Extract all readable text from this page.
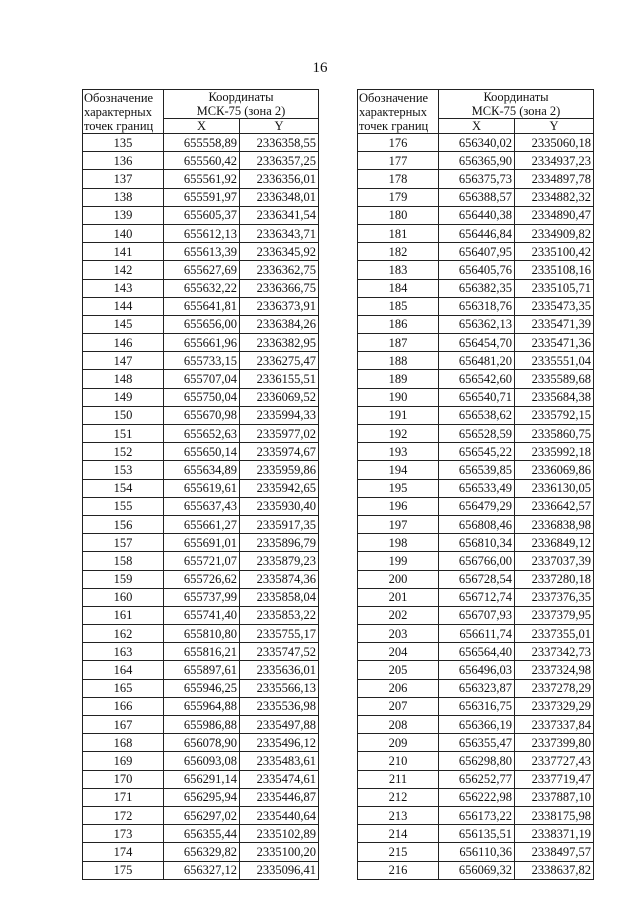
16
Обозначение
характерных
точек границ	Координаты
МСК-75 (зона 2)	
	X	Y
135	655558,89	2336358,55
136	655560,42	2336357,25
137	655561,92	2336356,01
138	655591,97	2336348,01
139	655605,37	2336341,54
140	655612,13	2336343,71
141	655613,39	2336345,92
142	655627,69	2336362,75
143	655632,22	2336366,75
144	655641,81	2336373,91
145	655656,00	2336384,26
146	655661,96	2336382,95
147	655733,15	2336275,47
148	655707,04	2336155,51
149	655750,04	2336069,52
150	655670,98	2335994,33
151	655652,63	2335977,02
152	655650,14	2335974,67
153	655634,89	2335959,86
154	655619,61	2335942,65
155	655637,43	2335930,40
156	655661,27	2335917,35
157	655691,01	2335896,79
158	655721,07	2335879,23
159	655726,62	2335874,36
160	655737,99	2335858,04
161	655741,40	2335853,22
162	655810,80	2335755,17
163	655816,21	2335747,52
164	655897,61	2335636,01
165	655946,25	2335566,13
166	655964,88	2335536,98
167	655986,88	2335497,88
168	656078,90	2335496,12
169	656093,08	2335483,61
170	656291,14	2335474,61
171	656295,94	2335446,87
172	656297,02	2335440,64
173	656355,44	2335102,89
174	656329,82	2335100,20
175	656327,12	2335096,41
Обозначение
характерных
точек границ	Координаты
МСК-75 (зона 2)	
	X	Y
176	656340,02	2335060,18
177	656365,90	2334937,23
178	656375,73	2334897,78
179	656388,57	2334882,32
180	656440,38	2334890,47
181	656446,84	2334909,82
182	656407,95	2335100,42
183	656405,76	2335108,16
184	656382,35	2335105,71
185	656318,76	2335473,35
186	656362,13	2335471,39
187	656454,70	2335471,36
188	656481,20	2335551,04
189	656542,60	2335589,68
190	656540,71	2335684,38
191	656538,62	2335792,15
192	656528,59	2335860,75
193	656545,22	2335992,18
194	656539,85	2336069,86
195	656533,49	2336130,05
196	656479,29	2336642,57
197	656808,46	2336838,98
198	656810,34	2336849,12
199	656766,00	2337037,39
200	656728,54	2337280,18
201	656712,74	2337376,35
202	656707,93	2337379,95
203	656611,74	2337355,01
204	656564,40	2337342,73
205	656496,03	2337324,98
206	656323,87	2337278,29
207	656316,75	2337329,29
208	656366,19	2337337,84
209	656355,47	2337399,80
210	656298,80	2337727,43
211	656252,77	2337719,47
212	656222,98	2337887,10
213	656173,22	2338175,98
214	656135,51	2338371,19
215	656110,36	2338497,57
216	656069,32	2338637,82
